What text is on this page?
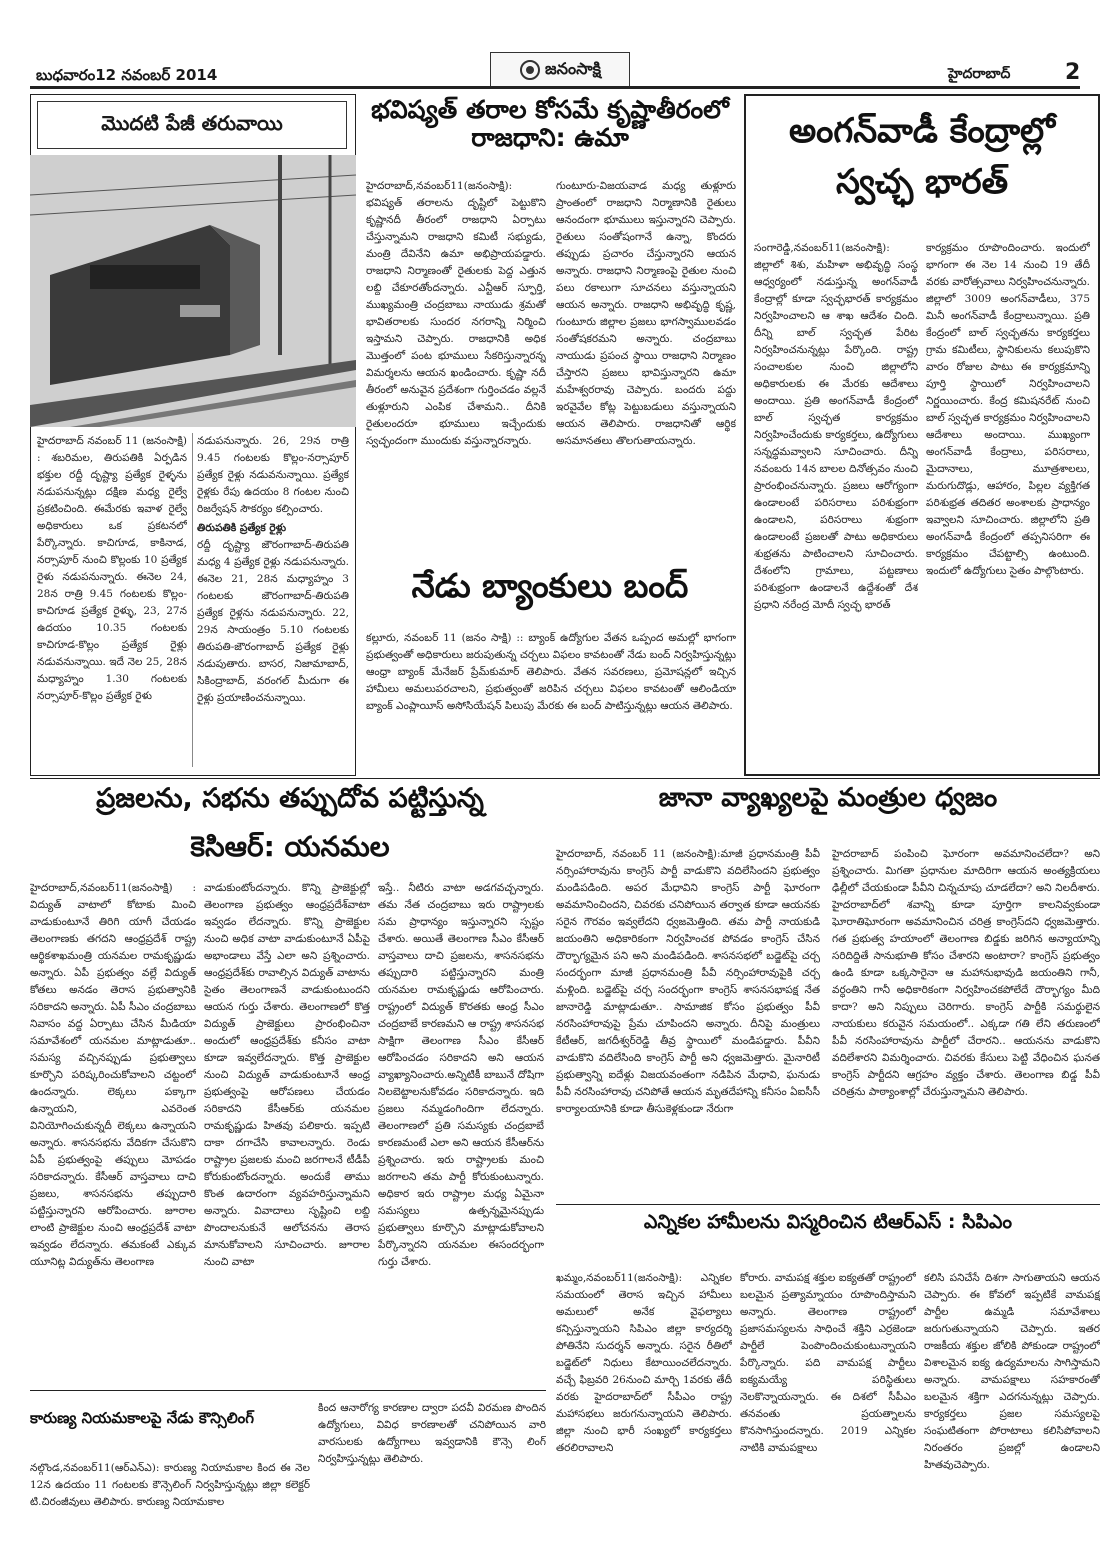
బుధవారం12 నవంబర్ 2014	జనంసాక్షి	హైదరాబాద్ 2
మొదటి పేజీ తరువాయి
హైదరాబాద్ నవంబర్ 11 (జనంసాక్షి) : శబరిమల, తిరుపతికి ఏర్పడిన భక్తుల రద్దీ దృష్ట్యా ప్రత్యేక రైళ్ళను నడుపనున్నట్లు దక్షిణ మధ్య రైల్వే ప్రకటించింది. ఈమేరకు ఇవాళ రైల్వే అధికారులు ఒక ప్రకటనలో పేర్కొన్నారు. కాచిగూడ, కాకినాడ, నర్సాపూర్ నుంచి కొల్లంకు 10 ప్రత్యేక రైళు నడుపనున్నారు. ఈనెల 24, 28న రాత్రి 9.45 గంటలకు కొల్లం-కాచిగూడ ప్రత్యేక రైళ్ళు, 23, 27న ఉదయం 10.35 గంటలకు కాచిగూడ-కొల్లం ప్రత్యేక రైళ్లు నడువనున్నాయి. ఇదే నెల 25, 28న మధ్యాహ్నం 1.30 గంటలకు నర్సాపూర్-కొల్లం ప్రత్యేక రైళు
నడుపనున్నారు. 26, 29న రాత్రి 9.45 గంటలకు కొల్లం-నర్సాపూర్ ప్రత్యేక రైళ్లు నడువనున్నాయి. ప్రత్యేక రైళ్లకు రేపు ఉదయం 8 గంటల నుంచి రిజర్వేషన్ సౌకర్యం కల్పించారు.
తిరుపతికి ప్రత్యేక రైళ్లు
రద్దీ దృష్ట్యా జౌరంగాబాద్-తిరుపతి మధ్య 4 ప్రత్యేక రైళ్లు నడుపనున్నారు. ఈనెల 21, 28న మధ్యాహ్నం 3 గంటలకు జౌరంగాబాద్-తిరుపతి ప్రత్యేక రైళ్లను నడుపనున్నారు. 22, 29న సాయంత్రం 5.10 గంటలకు తిరుపతి-జౌరంగాబాద్ ప్రత్యేక రైళ్లు నడుపుతారు. బాసర, నిజామాబాద్, సికింద్రాబాద్, వరంగల్ మీదుగా ఈ రైళ్లు ప్రయాణించనున్నాయి.
భవిష్యత్ తరాల కోసమే కృష్ణాతీరంలో రాజధాని: ఉమా
హైదరాబాద్,నవంబర్11(జనంసాక్షి): భవిష్యత్ తరాలను దృష్టిలో పెట్టుకొని కృష్ణానదీ తీరంలో రాజధాని ఏర్పాటు చేస్తున్నామని రాజధాని కమిటీ సభ్యుడు, మంత్రి దేవినేని ఉమా అభిప్రాయపడ్డారు. రాజధాని నిర్మాణంతో రైతులకు పెద్ద ఎత్తున లబ్ది చేకూరతోందన్నారు. ఎన్టీఆర్ స్ఫూర్తి, ముఖ్యమంత్రి చంద్రబాబు నాయుడు శ్రమతో భావితరాలకు సుందర నగరాన్ని నిర్మించి ఇస్తామని చెప్పారు. రాజధానికి అధిక మొత్తంలో పంట భూములు సేకరిస్తున్నారన్న విమర్శలను ఆయన ఖండించారు. కృష్ణా నదీ తీరంలో అనువైన ప్రదేశంగా గుర్తించడం వల్లనే తుళ్లూరుని ఎంపిక చేశామని.. దీనికి రైతులందరూ భూములు ఇచ్చేందుకు స్వచ్ఛందంగా ముందుకు వస్తున్నారన్నారు.
గుంటూరు-విజయవాడ మధ్య తుళ్లూరు ప్రాంతంలో రాజధాని నిర్మాణానికి రైతులు ఆనందంగా భూములు ఇస్తున్నారని చెప్పారు. రైతులు సంతోషంగానే ఉన్నా, కొందరు తప్పుడు ప్రచారం చేస్తున్నారని ఆయన అన్నారు. రాజధాని నిర్మాణంపై రైతుల నుంచి పలు రకాలుగా సూచనలు వస్తున్నాయని ఆయన అన్నారు. రాజధాని అభివృద్ధి కృష్ణ, గుంటూరు జిల్లాల ప్రజలు భాగస్వాములవడం సంతోషకరమని అన్నారు. చంద్రబాబు నాయుడు ప్రపంచ స్థాయి రాజధాని నిర్మాణం చేస్తారని ప్రజలు భావిస్తున్నారని ఉమా మహేశ్వరరావు చెప్పారు. బందరు పద్దు ఇరవైవేల కోట్ల పెట్టుబడులు వస్తున్నాయని ఆయన తెలిపారు. రాజధానితో ఆర్థిక అసమానతలు తొలగుతాయన్నారు.
నేడు బ్యాంకులు బంద్
కల్లూరు, నవంబర్ 11 (జనం సాక్షి) :: బ్యాంక్ ఉద్యోగుల వేతన ఒప్పంద అమల్లో భాగంగా ప్రభుత్వంతో అధికారులు జరుపుతున్న చర్చలు విఫలం కావటంతో నేడు బంద్ నిర్వహిస్తున్నట్లు ఆంధ్రా బ్యాంక్ మేనేజర్ ప్రేమ్‌కుమార్ తెలిపారు. వేతన సవరణలు, ప్రమోషన్లలో ఇచ్చిన హామీలు అమలుపరచాలని, ప్రభుత్వంతో జరిపిన చర్చలు విఫలం కావటంతో ఆలిండియా బ్యాంక్ ఎంప్లాయీస్ అసోసియేషన్ పిలుపు మేరకు ఈ బంద్ పాటిస్తున్నట్లు ఆయన తెలిపారు.
అంగన్‌వాడీ కేంద్రాల్లో స్వచ్ఛ భారత్
సంగారెడ్డి,నవంబర్11(జనంసాక్షి): జిల్లాలో శిశు, మహిళా అభివృద్ధి సంస్థ ఆధ్వర్యంలో నడుస్తున్న అంగన్‌వాడీ కేంద్రాల్లో కూడా స్వచ్ఛభారత్ కార్యక్రమం నిర్వహించాలని ఆ శాఖ ఆదేశం చింది. దీన్ని బాల్ స్వచ్ఛత పేరిట నిర్వహించనున్నట్లు పేర్కొంది. రాష్ట్ర సంచాలకుల నుంచి జిల్లాలోని అధికారులకు ఈ మేరకు ఆదేశాలు అందాయి. ప్రతి అంగన్‌వాడీ కేంద్రంలో బాల్ స్వచ్ఛత కార్యక్రమం నిర్వహించేందుకు కార్యకర్తలు, ఉద్యోగులు సన్నద్ధమవ్వాలని సూచించారు. దీన్ని నవంబరు 14న బాలల దినోత్సవం నుంచి ప్రారంభించనున్నారు. ప్రజలు ఆరోగ్యంగా ఉండాలంటే పరిసరాలు పరిశుభ్రంగా ఉండాలని, పరిసరాలు శుభ్రంగా ఉండాలంటే ప్రజలతో పాటు అధికారులు శుభ్రతను పాటించాలని సూచించారు. దేశంలోని గ్రామాలు, పట్టణాలు పరిశుభ్రంగా ఉండాలనే ఉద్దేశంతో దేశ ప్రధాని నరేంద్ర మోదీ స్వచ్ఛ భారత్
కార్యక్రమం రూపొందించారు. ఇందులో భాగంగా ఈ నెల 14 నుంచి 19 తేదీ వరకు వారోత్సవాలు నిర్వహించనున్నారు. జిల్లాలో 3009 అంగన్‌వాడీలు, 375 మినీ అంగన్‌వాడీ కేంద్రాలున్నాయి. ప్రతి కేంద్రంలో బాల్ స్వచ్ఛతను కార్యకర్తలు గ్రామ కమిటీలు, స్థానికులను కలుపుకొని వారం రోజుల పాటు ఈ కార్యక్రమాన్ని పూర్తి స్థాయిలో నిర్వహించాలని నిర్ణయించారు. కేంద్ర కమిషనరేట్ నుంచి బాల్ స్వచ్ఛత కార్యక్రమం నిర్వహించాలని ఆదేశాలు అందాయి. ముఖ్యంగా అంగన్‌వాడీ కేంద్రాలు, పరిసరాలు, మైదానాలు, మూత్రశాలలు, మరుగుదొడ్లు, ఆహారం, పిల్లల వ్యక్తిగత పరిశుభ్రత తదితర అంశాలకు ప్రాధాన్యం ఇవ్వాలని సూచించారు. జిల్లాలోని ప్రతి అంగన్‌వాడీ కేంద్రంలో తప్పనిసరిగా ఈ కార్యక్రమం చేపట్టాల్సి ఉంటుంది. ఇందులో ఉద్యోగులు సైతం పాల్గొంటారు.
ప్రజలను, సభను తప్పుదోవ పట్టిస్తున్న
కెసిఆర్: యనమల
హైదరాబాద్,నవంబర్11(జనంసాక్షి) : విద్యుత్ వాటాలో కోటాకు మించి వాడుకుంటూనే తిరిగి యాగీ చేయడం తెలంగాణకు తగదని ఆంధ్రప్రదేశ్ రాష్ట్ర ఆర్థికశాఖమంత్రి యనమల రామకృష్ణుడు అన్నారు. ఏపీ ప్రభుత్వం వల్లే విద్యుత్ కోతలు అనడం తెరాస ప్రభుత్వానికి సరికాదని అన్నారు. ఏపీ సీఎం చంద్రబాబు నివాసం వద్ద ఏర్పాటు చేసిన మీడియా సమావేశంలో యనమల మాట్లాడుతూ.. సమస్య వచ్చినప్పుడు ప్రభుత్వాలు కూర్చొని పరిష్కరించుకోవాలని చట్టంలో ఉందన్నారు. లెక్కలు పక్కాగా ఉన్నాయని, ఎవరెంత వినియోగించుకున్నదీ లెక్కలు ఉన్నాయని అన్నారు. శాసనసభను వేదికగా చేసుకొని ఏపీ ప్రభుత్వంపై తప్పులు మోపడం సరికాదన్నారు. కేసీఆర్ వాస్తవాలు దాచి ప్రజలు, శాసనసభను తప్పుదారి పట్టిస్తున్నారని ఆరోపించారు. జూరాల లాంటి ప్రాజెక్టుల నుంచి ఆంధ్రప్రదేశ్ వాటా ఇవ్వడం లేదన్నారు. తమకంటే ఎక్కువ యూనిట్ల విద్యుత్‌ను తెలంగాణ
వాడుకుంటోందన్నారు. కొన్ని ప్రాజెక్టుల్లో తెలంగాణ ప్రభుత్వం ఆంధ్రప్రదేశ్‌వాటా ఇవ్వడం లేదన్నారు. కొన్ని ప్రాజెక్టుల నుంచి అధిక వాటా వాడుకుంటూనే ఏపీపై అభాండాలు వేస్తే ఎలా అని ప్రశ్నించారు. ఆంధ్రప్రదేశ్‌కు రావాల్సిన విద్యుత్ వాటాను సైతం తెలంగాణనే వాడుకుంటుందని ఆయన గుర్తు చేశారు. తెలంగాణలో కొత్త విద్యుత్ ప్రాజెక్టులు ప్రారంభించినా అందులో ఆంధ్రప్రదేశ్‌కు కనీసం వాటా కూడా ఇవ్వలేదన్నారు. కొత్త ప్రాజెక్టుల నుంచి విద్యుత్ వాడుకుంటూనే ఆంధ్ర ప్రభుత్వంపై ఆరోపణలు చేయడం సరికాదని కేసీఆర్‌కు యనమల రామకృష్ణుడు హితవు పలికారు. ఇప్పటి దాకా దగాచేసి కావాలన్నారు. రెండు రాష్ట్రాల ప్రజలకు మంచి జరగాలనే టీడీపీ కోరుకుంటోందన్నారు. అందుకే తాము కొంత ఉదారంగా వ్యవహరిస్తున్నామని అన్నారు. వివాదాలు సృష్టించి లబ్ది పొందాలనుకునే ఆలోచనను తెరాస మానుకోవాలని సూచించారు. జూరాల నుంచి వాటా
ఇస్తే.. నీటిరు వాటా అడగవచ్చన్నారు. తమ నేత చంద్రబాబు ఇరు రాష్ట్రాలకు సమ ప్రాధాన్యం ఇస్తున్నారని స్పష్టం చేశారు. అయితే తెలంగాణ సీఎం కేసీఆర్ వాస్తవాలు దాచి ప్రజలను, శాసనసభను తప్పుదారి పట్టిస్తున్నారని మంత్రి యనమల రామకృష్ణుడు ఆరోపించారు. రాష్ట్రంలో విద్యుత్ కొరతకు ఆంధ్ర సీఎం చంద్రబాబే కారణమని ఆ రాష్ట్ర శాసనసభ సాక్షిగా తెలంగాణ సీఎం కేసీఆర్ ఆరోపించడం సరికాదని అని ఆయన వ్యాఖ్యానించారు.అన్నిటికీ బాబునే దోషిగా నిలబెట్టాలనుకోవడం సరికాదన్నారు. ఇది ప్రజలు నమ్మడంగిందిగా లేదన్నారు. తెలంగాణలో ప్రతి సమస్యకు చంద్రబాబే కారణమంటే ఎలా అని ఆయన కేసీఆర్‌ను ప్రశ్నించారు. ఇరు రాష్ట్రాలకు మంచి జరగాలని తమ పార్టీ కోరుకుంటున్నారు. అధికార ఇరు రాష్ట్రాల మధ్య ఏమైనా సమస్యలు ఉత్పన్నమైనప్పుడు ప్రభుత్వాలు కూర్చొని మాట్లాడుకోవాలని పేర్కొన్నారని యనమల ఈసందర్భంగా గుర్తు చేశారు.
జానా వ్యాఖ్యలపై మంత్రుల ధ్వజం
హైదరాబాద్, నవంబర్ 11 (జనంసాక్షి):మాజీ ప్రధానమంత్రి పీవీ నర్సింహారావును కాంగ్రెస్ పార్టీ వాడుకొని వదిలేసిందని ప్రభుత్వం మండిపడింది. అపర మేధావిని కాంగ్రెస్ పార్టీ ఘోరంగా అవమానించిందని, చివరకు చనిపోయిన తర్వాత కూడా ఆయనకు సరైన గౌరవం ఇవ్వలేదని ధ్వజమెత్తింది. తమ పార్టీ నాయకుడి జయంతిని అధికారికంగా నిర్వహించక పోవడం కాంగ్రెస్ చేసిన దౌర్భాగ్యమైన పని అని మండిపడింది. శాసనసభలో బడ్జెట్‌పై చర్చ సందర్భంగా మాజీ ప్రధానమంత్రి పీవీ నర్సింహారావుపైకి చర్చ మళ్లింది. బడ్జెట్‌పై చర్చ సందర్భంగా కాంగ్రెస్ శాసనసభాపక్ష నేత జానారెడ్డి మాట్లాడుతూ.. సామాజిక కోసం ప్రభుత్వం పీవీ నరసింహారావుపై ప్రేమ చూపిందని అన్నారు. దీనిపై మంత్రులు కేటీఆర్, జగదీశ్వర్‌రెడ్డి తీవ్ర స్థాయిలో మండిపడ్డారు. పీవీని వాడుకొని వదిలేసింది కాంగ్రెస్ పార్టీ అని ధ్వజమెత్తారు. మైనారిటీ ప్రభుత్వాన్ని ఐదేళ్లు విజయవంతంగా నడిపిన మేధావి, ఘనుడు పీవీ నరసింహారావు చనిపోతే ఆయన మృతదేహాన్ని కనీసం ఏఐసీసీ కార్యాలయానికి కూడా తీసుకెళ్లకుండా నేరుగా
హైదరాబాద్ పంపించి ఘోరంగా అవమానించలేదా? అని ప్రశ్నించారు. మిగతా ప్రధానుల మాదిరిగా ఆయన అంత్యక్రియలు ఢిల్లీలో చేయకుండా పీవీని చిన్నచూపు చూడలేదా? అని నిలదీశారు. హైదరాబాద్‌లో శవాన్ని కూడా పూర్తిగా కాలనివ్వకుండా ఘోరాతిఘోరంగా అవమానించిన చరిత్ర కాంగ్రెస్‌దని ధ్వజమెత్తారు. గత ప్రభుత్వ హయాంలో తెలంగాణ బిడ్డకు జరిగిన అన్యాయాన్ని సరిదిద్దితే సానుభూతి కోసం చేశారని అంటారా? కాంగ్రెస్ ప్రభుత్వం ఉండి కూడా ఒక్కసారైనా ఆ మహానుభావుడి జయంతిని గానీ, వర్ధంతిని గానీ అధికారికంగా నిర్వహించకపోలేదే దౌర్భాగ్యం మీది కాదా? అని నిప్పులు చెరిగారు. కాంగ్రెస్ పార్టీకి సమర్థులైన నాయకులు కరువైన సమయంలో.. ఎక్కడా గతి లేని తరుణంలో పీవీ నరసింహారావును పార్టీలో చేరారని.. ఆయనను వాడుకొని వదిలేశారని విమర్శించారు. చివరకు కేసులు పెట్టి వేధించిన ఘనత కాంగ్రెస్ పార్టీదని ఆగ్రహం వ్యక్తం చేశారు. తెలంగాణ బిడ్డ పీవీ చరిత్రను పాఠ్యాంశాల్లో చేరుస్తున్నామని తెలిపారు.
ఎన్నికల హామీలను విస్మరించిన టిఆర్ఎస్ : సిపిఎం
ఖమ్మం,నవంబర్11(జనంసాక్షి): ఎన్నికల సమయంలో తెరాస ఇచ్చిన హామీలు అమలులో అనేక వైఫల్యాలు కన్పిస్తున్నాయని సిపిఎం జిల్లా కార్యదర్శి పోతినేని సుదర్శన్ అన్నారు. సరైన రీతిలో బడ్జెట్‌లో నిధులు కేటాయించలేదన్నారు. వచ్చే ఫిబ్రవరి 26నుంచి మార్చి 1వరకు తేదీ వరకు హైదరాబాద్‌లో సీపీఎం రాష్ట్ర మహాసభలు జరుగనున్నాయని తెలిపారు. జిల్లా నుంచి భారీ సంఖ్యలో కార్యకర్తలు తరలిరావాలని
కోరారు. వామపక్ష శక్తుల ఐక్యతతో రాష్ట్రంలో బలమైన ప్రత్యామ్నాయం రూపొందిస్తామని అన్నారు. తెలంగాణ రాష్ట్రంలో ప్రజాసమస్యలను సాధించే శక్తిని ఎర్రజెండా పార్టీలే పెంపొందించుకుంటున్నాయని పేర్కొన్నారు. పది వామపక్ష పార్టీలు ఐక్యమయ్యే పరిస్థితులు నెలకొన్నాయన్నారు. ఈ దిశలో సీపీఎం తనవంతు ప్రయత్నాలను కొనసాగిస్తుందన్నారు. 2019 ఎన్నికల నాటికి వామపక్షాలు
కలిసి పనిచేసే దిశగా సాగుతాయని ఆయన చెప్పారు. ఈ కోవలో ఇప్పటికే వామపక్ష పార్టీల ఉమ్మడి సమావేశాలు జరుగుతున్నాయని చెప్పారు. ఇతర రాజకీయ శక్తుల జోలికి పోకుండా రాష్ట్రంలో విశాలమైన ఐక్య ఉద్యమాలను సాగిస్తామని అన్నారు. వామపక్షాలు సహకారంతో బలమైన శక్తిగా ఎదగనున్నట్లు చెప్పారు. కార్యకర్తలు ప్రజల సమస్యలపై సంఘటితంగా పోరాటాలు కలిసిపోవాలని నిరంతరం ప్రజల్లో ఉండాలని హితవుచెప్పారు.
కారుణ్య నియమకాలపై నేడు కౌన్సిలింగ్
నల్గొండ,నవంబర్11(ఆర్ఎన్ఎ): కారుణ్య నియామకాల కింద ఈ నెల 12న ఉదయం 11 గంటలకు కౌన్సెలింగ్ నిర్వహిస్తున్నట్లు జిల్లా కలెక్టర్ టి.చిరంజీవులు తెలిపారు. కారుణ్య నియామకాల
కింద ఆనారోగ్య కారణాల ద్వారా పదవీ విరమణ పొందిన ఉద్యోగులు, వివిధ కారణాలతో చనిపోయిన వారి వారసులకు ఉద్యోగాలు ఇవ్వడానికి కౌన్సె లింగ్ నిర్వహిస్తున్నట్లు తెలిపారు.
